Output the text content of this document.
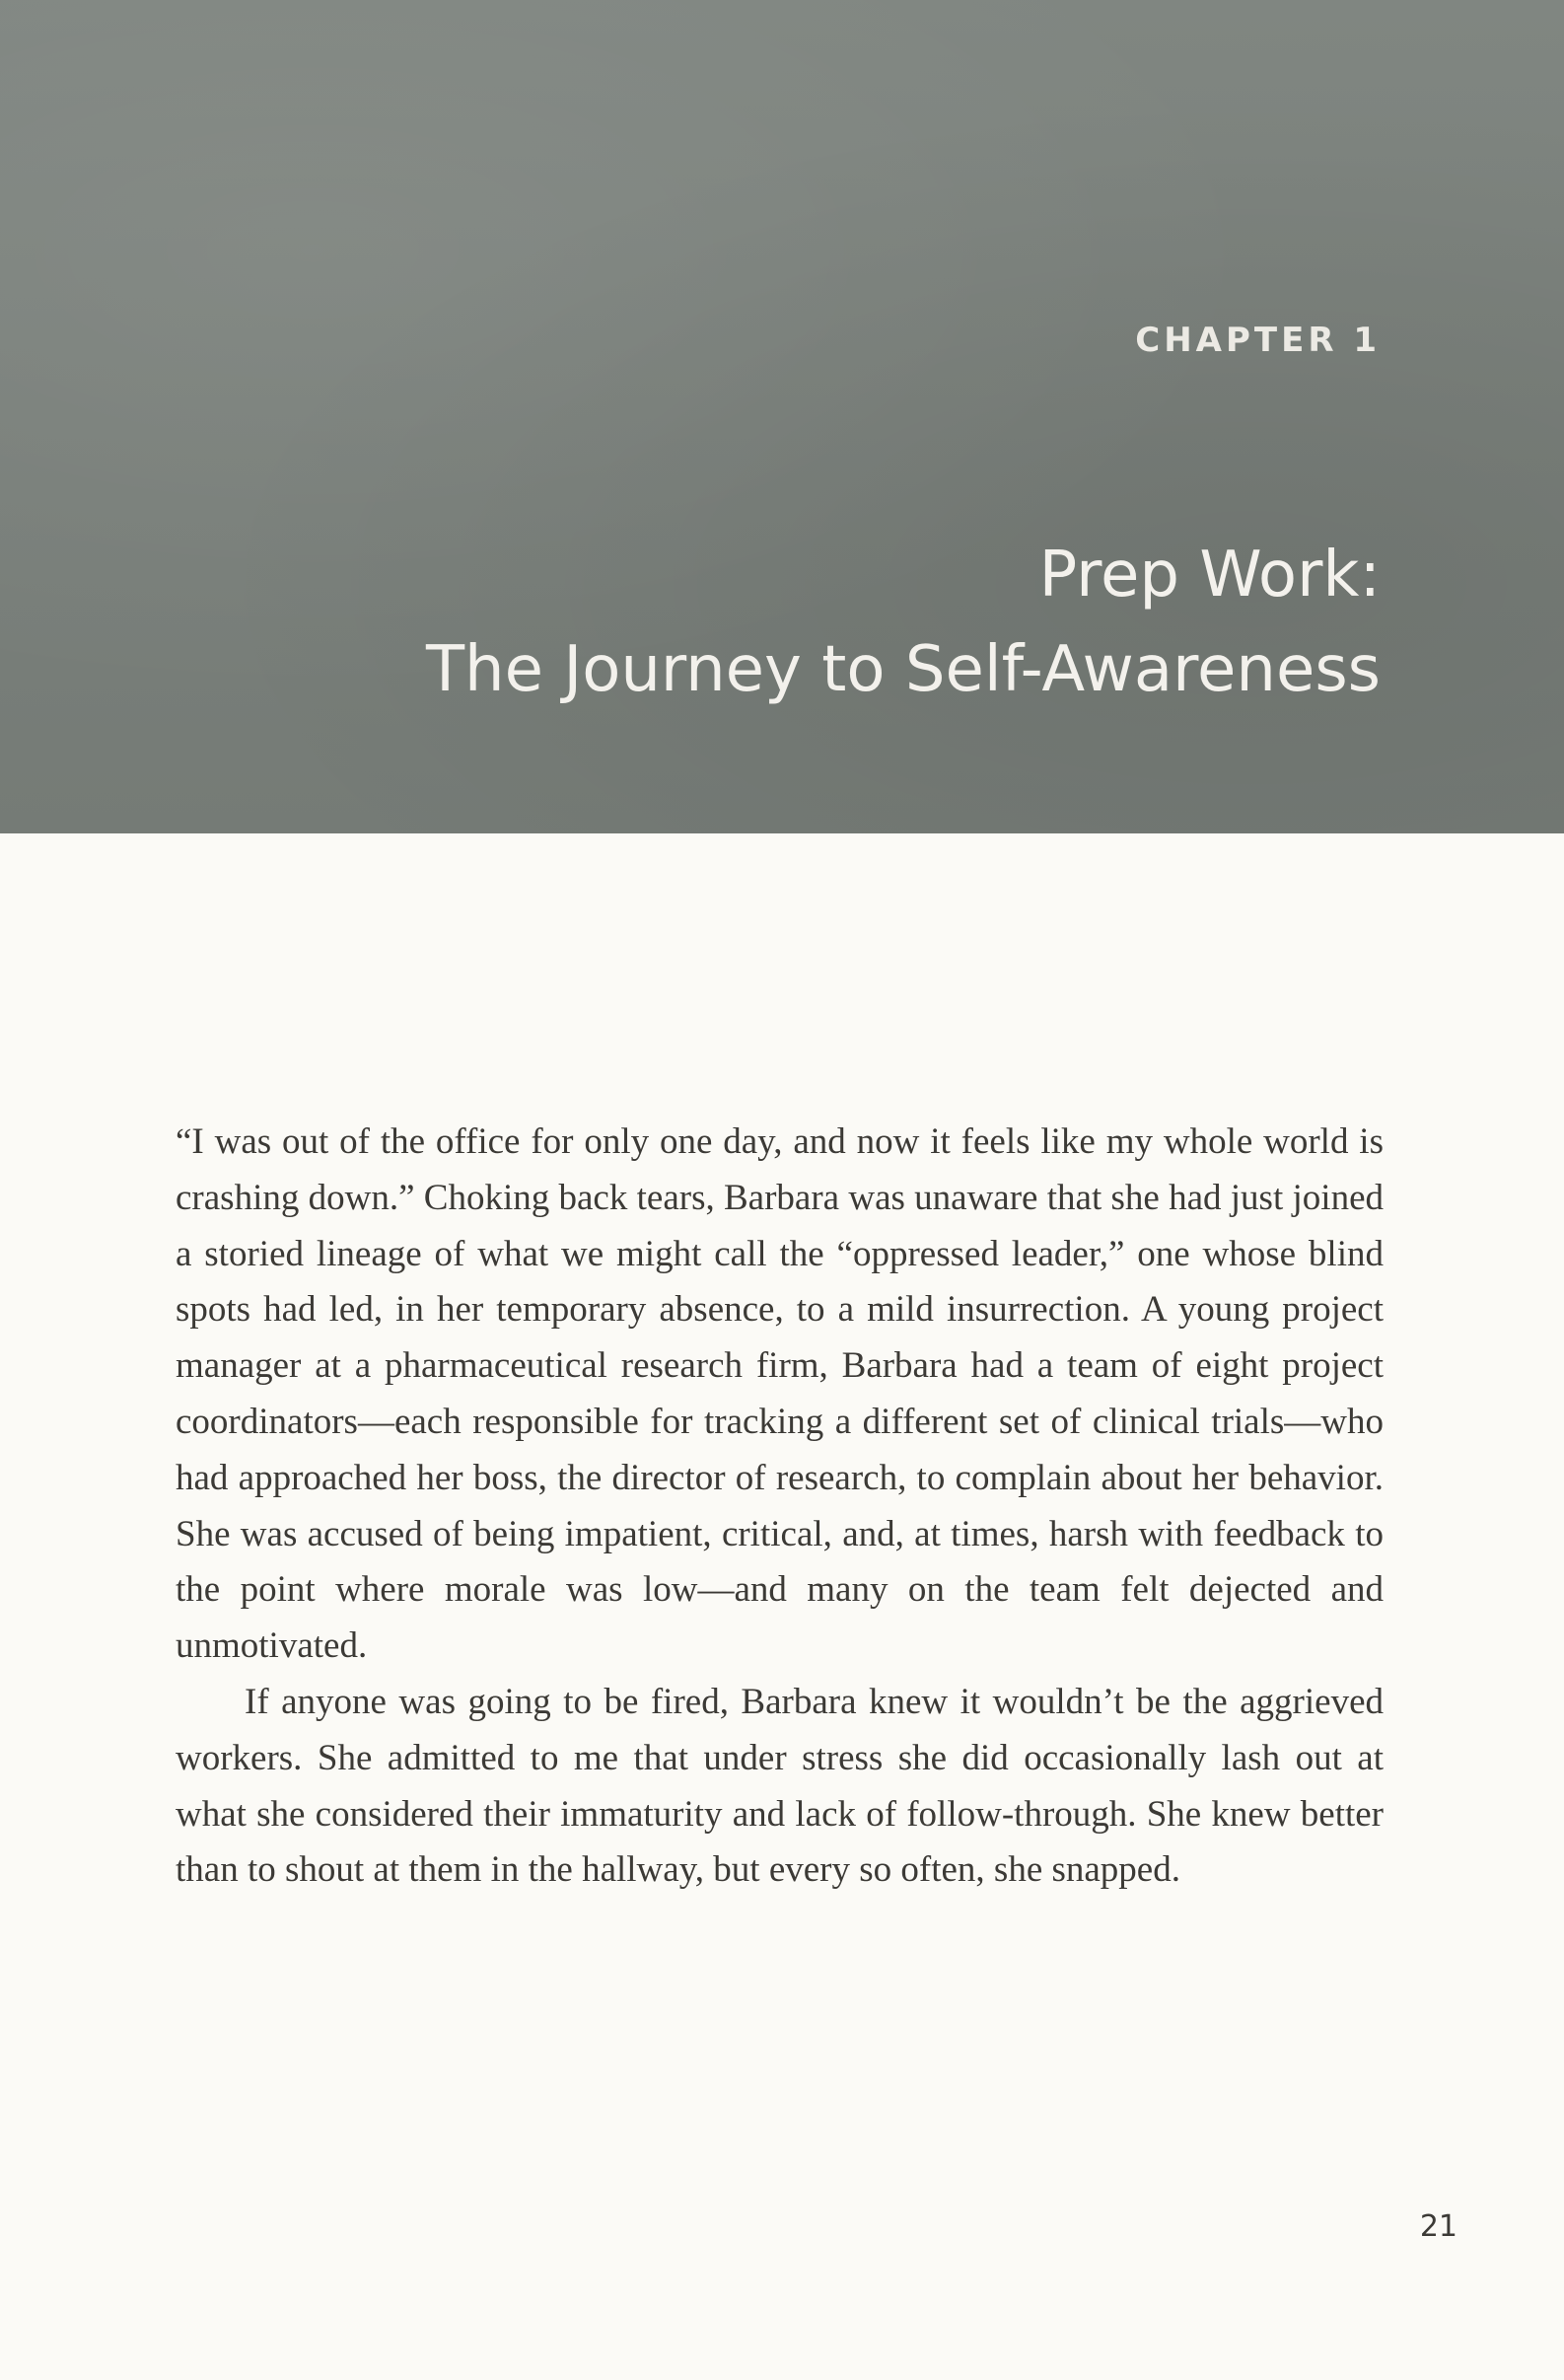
CHAPTER 1
Prep Work:
The Journey to Self-Awareness

“I was out of the office for only one day, and now it feels like my whole world is crashing down.” Choking back tears, Barbara was unaware that she had just joined a storied lineage of what we might call the “oppressed leader,” one whose blind spots had led, in her temporary absence, to a mild insurrection. A young project manager at a pharmaceutical research firm, Barbara had a team of eight project coordinators—each responsible for tracking a different set of clinical trials—who had approached her boss, the director of research, to complain about her behavior. She was accused of being impatient, critical, and, at times, harsh with feedback to the point where morale was low—and many on the team felt dejected and unmotivated.

If anyone was going to be fired, Barbara knew it wouldn’t be the aggrieved workers. She admitted to me that under stress she did occasionally lash out at what she considered their immaturity and lack of follow-through. She knew better than to shout at them in the hallway, but every so often, she snapped.

21
